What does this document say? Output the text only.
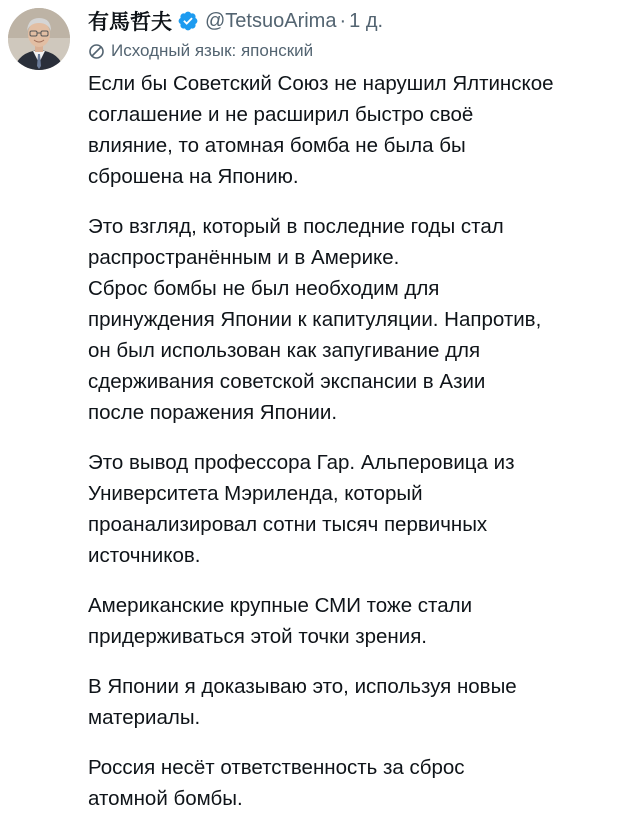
有馬哲夫 @TetsuoArima · 1 д.
Исходный язык: японский

Если бы Советский Союз не нарушил Ялтинское
соглашение и не расширил быстро своё
влияние, то атомная бомба не была бы
сброшена на Японию.

Это взгляд, который в последние годы стал
распространённым и в Америке.
Сброс бомбы не был необходим для
принуждения Японии к капитуляции. Напротив,
он был использован как запугивание для
сдерживания советской экспансии в Азии
после поражения Японии.

Это вывод профессора Гар. Альперовица из
Университета Мэриленда, который
проанализировал сотни тысяч первичных
источников.

Американские крупные СМИ тоже стали
придерживаться этой точки зрения.

В Японии я доказываю это, используя новые
материалы.

Россия несёт ответственность за сброс
атомной бомбы.
